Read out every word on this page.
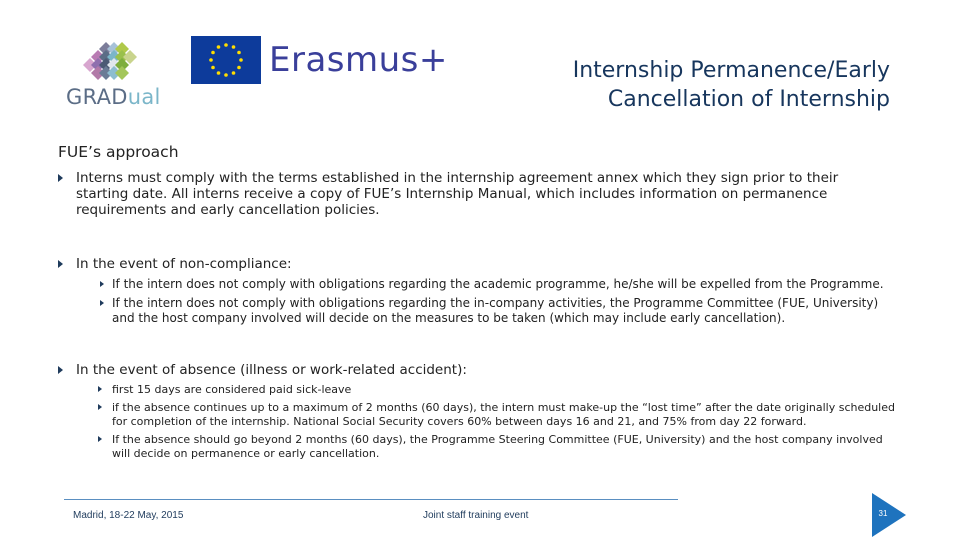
GRADual
Erasmus+	Internship Permanence/Early
Cancellation of Internship
FUE’s approach
Interns must comply with the terms established in the internship agreement annex which they sign prior to their starting date. All interns receive a copy of FUE’s Internship Manual, which includes information on permanence requirements and early cancellation policies.
In the event of non-compliance:
If the intern does not comply with obligations regarding the academic programme, he/she will be expelled from the Programme.
If the intern does not comply with obligations regarding the in-company activities, the Programme Committee (FUE, University) and the host company involved will decide on the measures to be taken (which may include early cancellation).
In the event of absence (illness or work-related accident):
first 15 days are considered paid sick-leave
if the absence continues up to a maximum of 2 months (60 days), the intern must make-up the “lost time” after the date originally scheduled for completion of the internship. National Social Security covers 60% between days 16 and 21, and 75% from day 22 forward.
If the absence should go beyond 2 months (60 days), the Programme Steering Committee (FUE, University) and the host company involved will decide on permanence or early cancellation.
Madrid, 18-22 May, 2015	Joint staff training event	31
